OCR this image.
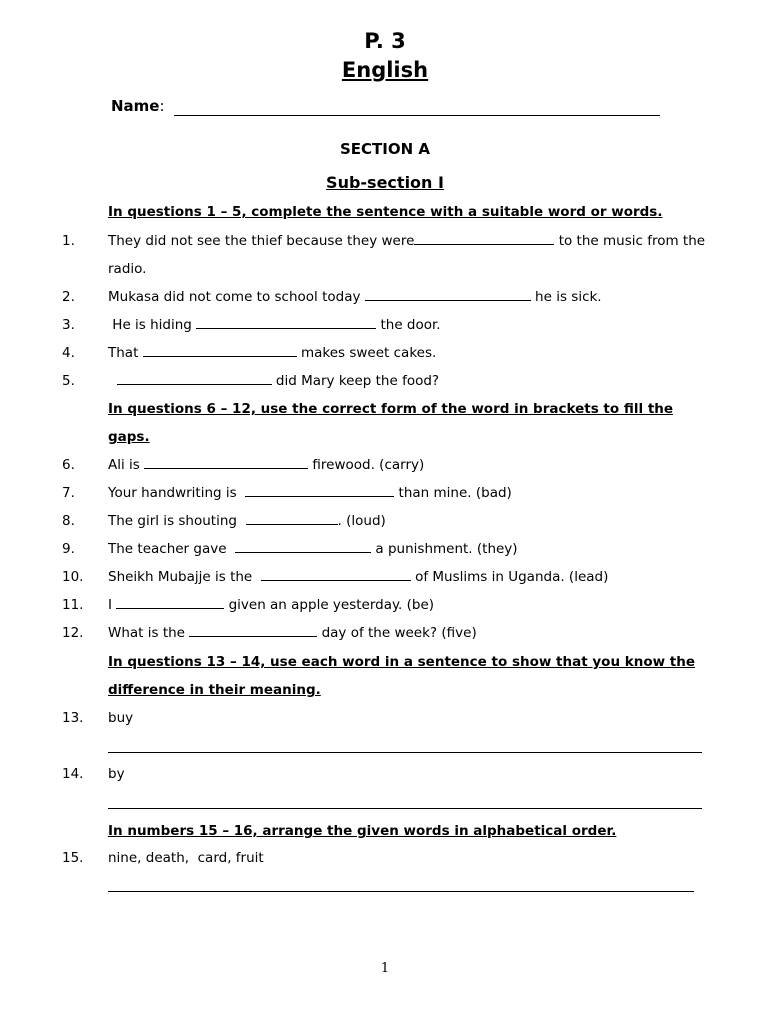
P. 3
English
Name:
SECTION A
Sub-section I
In questions 1 – 5, complete the sentence with a suitable word or words.
1. They did not see the thief because they were	to the music from the
radio.
2. Mukasa did not come to school today	he is sick.
3. He is hiding	the door.
4. That	makes sweet cakes.
5.	did Mary keep the food?
In questions 6 – 12, use the correct form of the word in brackets to fill the
gaps.
6. Ali is	firewood. (carry)
7. Your handwriting is	than mine. (bad)
8. The girl is shouting	. (loud)
9. The teacher gave	a punishment. (they)
10. Sheikh Mubajje is the	of Muslims in Uganda. (lead)
11. I	given an apple yesterday. (be)
12. What is the	day of the week? (five)
In questions 13 – 14, use each word in a sentence to show that you know the
difference in their meaning.
13. buy
14. by
In numbers 15 – 16, arrange the given words in alphabetical order.
15. nine, death,  card, fruit
1
